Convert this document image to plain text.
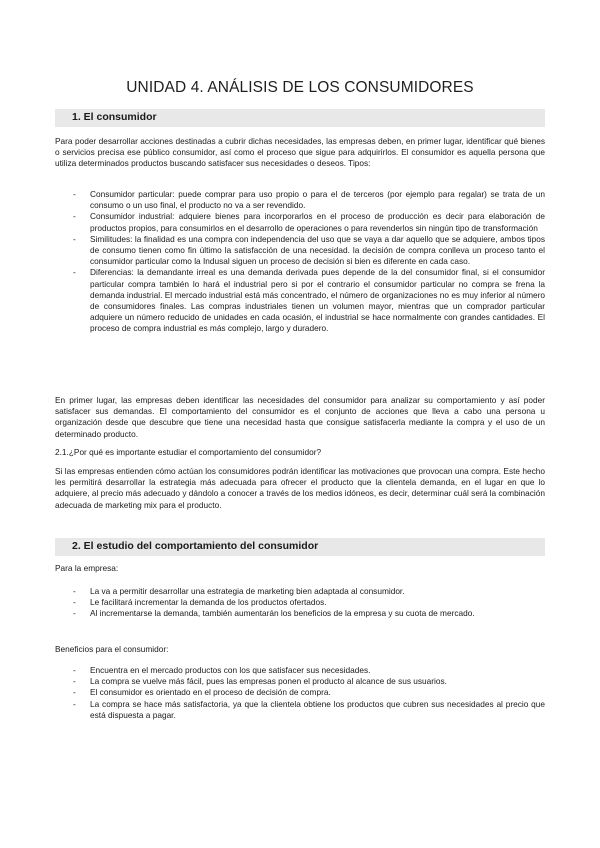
UNIDAD 4. ANÁLISIS DE LOS CONSUMIDORES
1. El consumidor
Para poder desarrollar acciones destinadas a cubrir dichas necesidades, las empresas deben, en primer lugar, identificar qué bienes o servicios precisa ese público consumidor, así como el proceso que sigue para adquirirlos. El consumidor es aquella persona que utiliza determinados productos buscando satisfacer sus necesidades o deseos. Tipos:
- Consumidor particular: puede comprar para uso propio o para el de terceros (por ejemplo para regalar) se trata de un consumo o un uso final, el producto no va a ser revendido.
- Consumidor industrial: adquiere bienes para incorporarlos en el proceso de producción es decir para elaboración de productos propios, para consumirlos en el desarrollo de operaciones o para revenderlos sin ningún tipo de transformación
- Similitudes: la finalidad es una compra con independencia del uso que se vaya a dar aquello que se adquiere, ambos tipos de consumo tienen como fin último la satisfacción de una necesidad. la decisión de compra conlleva un proceso tanto el consumidor particular como la Indusal siguen un proceso de decisión si bien es diferente en cada caso.
- Diferencias: la demandante irreal es una demanda derivada pues depende de la del consumidor final, si el consumidor particular compra también lo hará el industrial pero si por el contrario el consumidor particular no compra se frena la demanda industrial. El mercado industrial está más concentrado, el número de organizaciones no es muy inferior al número de consumidores finales. Las compras industriales tienen un volumen mayor, mientras que un comprador particular adquiere un número reducido de unidades en cada ocasión, el industrial se hace normalmente con grandes cantidades. El proceso de compra industrial es más complejo, largo y duradero.
En primer lugar, las empresas deben identificar las necesidades del consumidor para analizar su comportamiento y así poder satisfacer sus demandas. El comportamiento del consumidor es el conjunto de acciones que lleva a cabo una persona u organización desde que descubre que tiene una necesidad hasta que consigue satisfacerla mediante la compra y el uso de un determinado producto.
2.1.¿Por qué es importante estudiar el comportamiento del consumidor?
Si las empresas entienden cómo actúan los consumidores podrán identificar las motivaciones que provocan una compra. Este hecho les permitirá desarrollar la estrategia más adecuada para ofrecer el producto que la clientela demanda, en el lugar en que lo adquiere, al precio más adecuado y dándolo a conocer a través de los medios idóneos, es decir, determinar cuál será la combinación adecuada de marketing mix para el producto.
2. El estudio del comportamiento del consumidor
Para la empresa:
- La va a permitir desarrollar una estrategia de marketing bien adaptada al consumidor.
- Le facilitará incrementar la demanda de los productos ofertados.
- Al incrementarse la demanda, también aumentarán los beneficios de la empresa y su cuota de mercado.
Beneficios para el consumidor:
- Encuentra en el mercado productos con los que satisfacer sus necesidades.
- La compra se vuelve más fácil, pues las empresas ponen el producto al alcance de sus usuarios.
- El consumidor es orientado en el proceso de decisión de compra.
- La compra se hace más satisfactoria, ya que la clientela obtiene los productos que cubren sus necesidades al precio que está dispuesta a pagar.
